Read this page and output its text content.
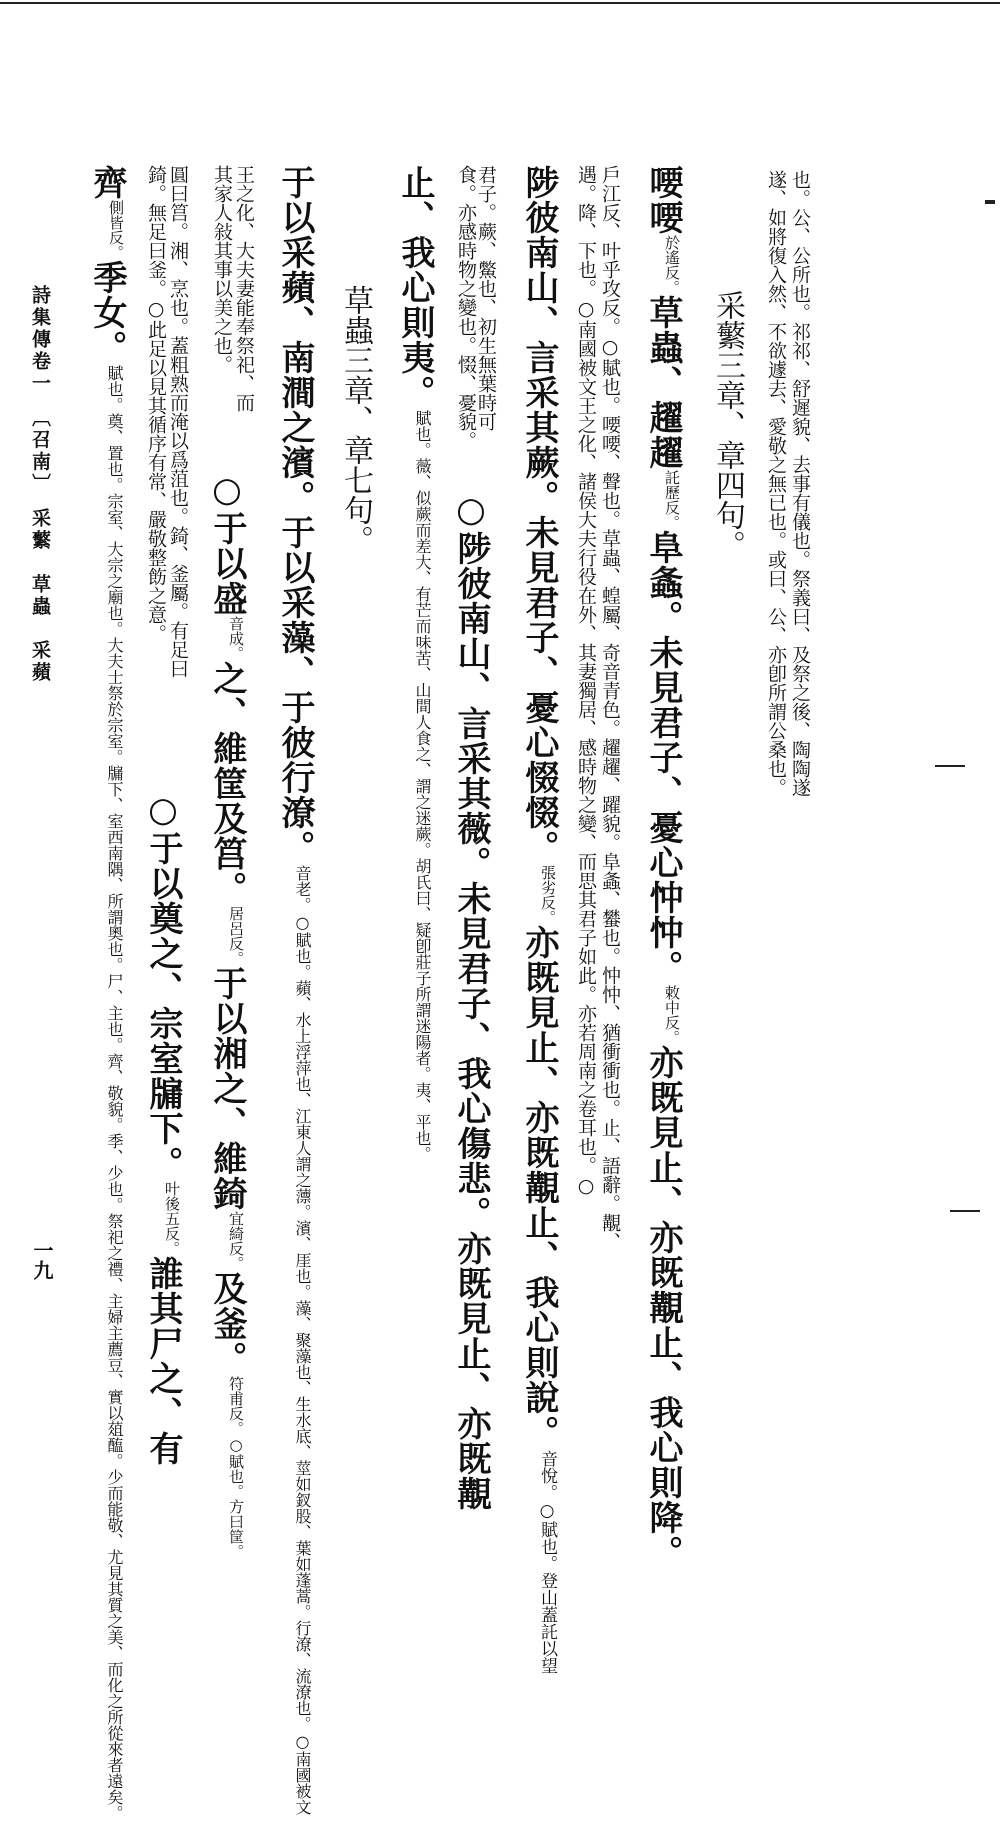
也。公、公所也。祁祁、舒遲貌、去事有儀也。祭義曰、及祭之後、陶陶遂
遂、如將復入然、不欲遽去、愛敬之無已也。或曰、公、亦卽所謂公桑也。
采蘩三章、章四句。
喓喓於遙反。草蟲、趯趯託歷反。阜螽。未見君子、憂心忡忡。敕中反。亦既見止、亦既覯止、我心則降。
戶江反、叶乎攻反。○賦也。喓喓、聲也。草蟲、蝗屬、奇音青色。趯趯、躍貌。阜螽、蠜也。忡忡、猶衝衝也。止、語辭。覯、
遇。降、下也。○南國被文王之化、諸侯大夫行役在外、其妻獨居、感時物之變、而思其君子如此。亦若周南之卷耳也。○
陟彼南山、言采其蕨。未見君子、憂心惙惙。張劣反。亦既見止、亦既覯止、我心則說。音悅。○賦也。登山蓋託以望
君子。蕨、鱉也、初生無葉時可
食。亦感時物之變也。惙、憂貌。
○陟彼南山、言采其薇。未見君子、我心傷悲。亦既見止、亦既覯
止、我心則夷。賦也。薇、似蕨而差大、有芒而味苦、山間人食之、謂之迷蕨。胡氏曰、疑卽莊子所謂迷陽者。夷、平也。
草蟲三章、章七句。
于以采蘋、南澗之濱。于以采藻、于彼行潦。音老。○賦也。蘋、水上浮萍也、江東人謂之薸。濱、厓也。藻、聚藻也、生水底、莖如釵股、葉如蓬蒿。行潦、流潦也。○南國被文
王之化、大夫妻能奉祭祀、而
其家人敍其事以美之也。
○于以盛音成。之、維筐及筥。居呂反。于以湘之、維錡宜綺反。及釜。符甫反。○賦也。方曰筐。
圓曰筥。湘、烹也。蓋粗熟而淹以爲菹也。錡、釜屬。有足曰
錡。無足曰釜。○此足以見其循序有常、嚴敬整飭之意。
○于以奠之、宗室牖下。叶後五反。誰其尸之、有
齊側皆反。季女。賦也。奠、置也。宗室、大宗之廟也。大夫士祭於宗室。牖下、室西南隅、所謂奧也。尸、主也。齊、敬貌。季、少也。祭祀之禮、主婦主薦豆、實以葅醢。少而能敬、尤見其質之美、而化之所從來者遠矣。
詩集傳卷一　〔召南〕　采蘩　草蟲　采蘋
一九
